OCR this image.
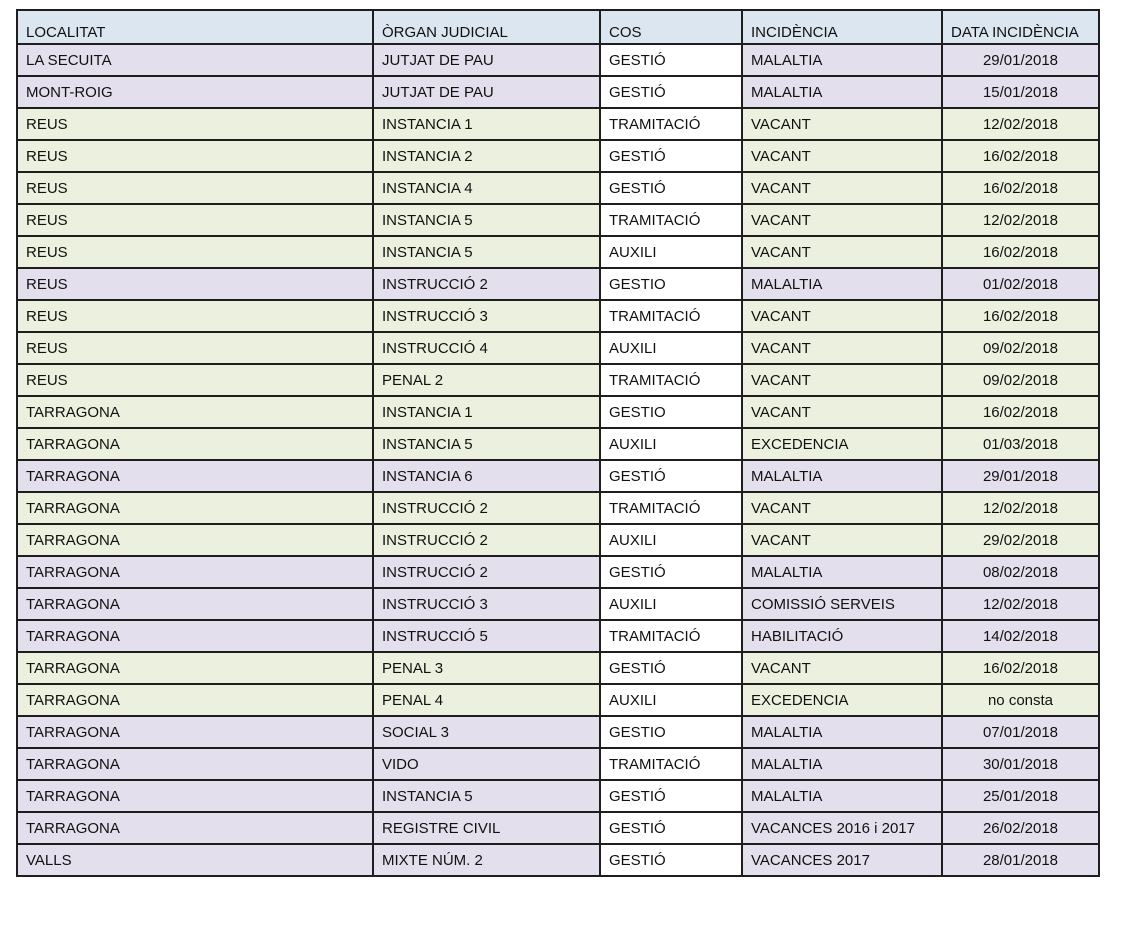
LOCALITAT	ÒRGAN JUDICIAL	COS	INCIDÈNCIA	DATA INCIDÈNCIA
LA SECUITA	JUTJAT DE PAU	GESTIÓ	MALALTIA	29/01/2018
MONT-ROIG	JUTJAT DE PAU	GESTIÓ	MALALTIA	15/01/2018
REUS	INSTANCIA 1	TRAMITACIÓ	VACANT	12/02/2018
REUS	INSTANCIA 2	GESTIÓ	VACANT	16/02/2018
REUS	INSTANCIA 4	GESTIÓ	VACANT	16/02/2018
REUS	INSTANCIA 5	TRAMITACIÓ	VACANT	12/02/2018
REUS	INSTANCIA 5	AUXILI	VACANT	16/02/2018
REUS	INSTRUCCIÓ 2	GESTIO	MALALTIA	01/02/2018
REUS	INSTRUCCIÓ 3	TRAMITACIÓ	VACANT	16/02/2018
REUS	INSTRUCCIÓ 4	AUXILI	VACANT	09/02/2018
REUS	PENAL 2	TRAMITACIÓ	VACANT	09/02/2018
TARRAGONA	INSTANCIA 1	GESTIO	VACANT	16/02/2018
TARRAGONA	INSTANCIA 5	AUXILI	EXCEDENCIA	01/03/2018
TARRAGONA	INSTANCIA 6	GESTIÓ	MALALTIA	29/01/2018
TARRAGONA	INSTRUCCIÓ 2	TRAMITACIÓ	VACANT	12/02/2018
TARRAGONA	INSTRUCCIÓ 2	AUXILI	VACANT	29/02/2018
TARRAGONA	INSTRUCCIÓ 2	GESTIÓ	MALALTIA	08/02/2018
TARRAGONA	INSTRUCCIÓ 3	AUXILI	COMISSIÓ SERVEIS	12/02/2018
TARRAGONA	INSTRUCCIÓ 5	TRAMITACIÓ	HABILITACIÓ	14/02/2018
TARRAGONA	PENAL 3	GESTIÓ	VACANT	16/02/2018
TARRAGONA	PENAL 4	AUXILI	EXCEDENCIA	no consta
TARRAGONA	SOCIAL 3	GESTIO	MALALTIA	07/01/2018
TARRAGONA	VIDO	TRAMITACIÓ	MALALTIA	30/01/2018
TARRAGONA	INSTANCIA 5	GESTIÓ	MALALTIA	25/01/2018
TARRAGONA	REGISTRE CIVIL	GESTIÓ	VACANCES 2016 i 2017	26/02/2018
VALLS	MIXTE NÚM. 2	GESTIÓ	VACANCES 2017	28/01/2018
